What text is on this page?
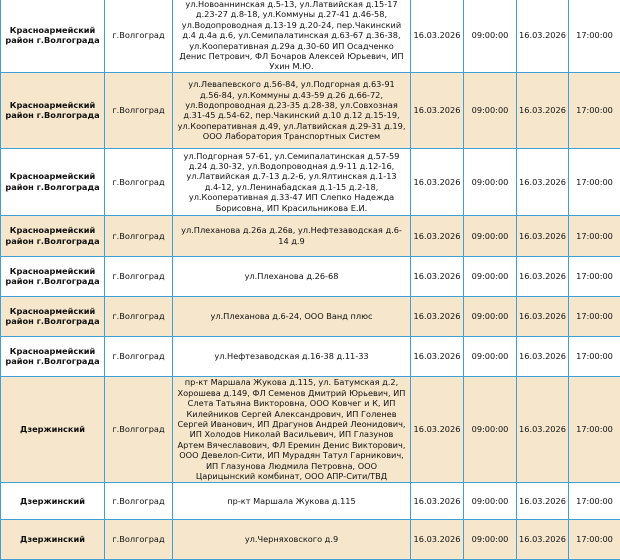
Красноармейский район г.Волгограда	г.Волгоград	ул.Новоаннинская д.5-13, ул.Латвийская д.15-17 д.23-27 д.8-18, ул.Коммуны д.27-41 д.46-58, ул.Водопроводная д.13-19 д.20-24, пер.Чакинский д.4 д.4а д.6, ул.Семипалатинская д.63-67 д.36-38, ул.Кооперативная д.29а д.30-60 ИП Осадченко Денис Петрович, ФЛ Бочаров Алексей Юрьевич, ИП Ухин М.Ю.	16.03.2026	09:00:00	16.03.2026	17:00:00
Красноармейский район г.Волгограда	г.Волгоград	ул.Левапевского д.56-84, ул.Подгорная д.63-91 д.56-84, ул.Коммуны д.43-59 д.26 д.66-72, ул.Водопроводная д.23-35 д.28-38, ул.Совхозная д.31-45 д.54-62, пер.Чакинский д.10 д.12 д.15-19, ул.Кооперативная д.49, ул.Латвийская д.29-31 д.19, ООО Лаборатория Транспортных Систем	16.03.2026	09:00:00	16.03.2026	17:00:00
Красноармейский район г.Волгограда	г.Волгоград	ул.Подгорная 57-61, ул.Семипалатинская д.57-59 д.24 д.30-32, ул.Водопроводная д.9-11 д.12-16, ул.Латвийская д.7-13 д.2-6, ул.Ялтинская д.1-13 д.4-12, ул.Ленинабадская д.1-15 д.2-18, ул.Кооперативная д.33-47 ИП Слепко Надежда Борисовна, ИП Красильникова Е.И.	16.03.2026	09:00:00	16.03.2026	17:00:00
Красноармейский район г.Волгограда	г.Волгоград	ул.Плеханова д.26а д.26в, ул.Нефтезаводская д.6-14 д.9	16.03.2026	09:00:00	16.03.2026	17:00:00
Красноармейский район г.Волгограда	г.Волгоград	ул.Плеханова д.26-68	16.03.2026	09:00:00	16.03.2026	17:00:00
Красноармейский район г.Волгограда	г.Волгоград	ул.Плеханова д.6-24, ООО Ванд плюс	16.03.2026	09:00:00	16.03.2026	17:00:00
Красноармейский район г.Волгограда	г.Волгоград	ул.Нефтезаводская д.16-38 д.11-33	16.03.2026	09:00:00	16.03.2026	17:00:00
Дзержинский	г.Волгоград	пр-кт Маршала Жукова д.115, ул. Батумская д.2, Хорошева д.149, ФЛ Семенов Дмитрий Юрьевич, ИП Слета Татьяна Викторовна, ООО Ковчег и К, ИП Килейников Сергей Александрович, ИП Голенев Сергей Иванович, ИП Драгунов Андрей Леонидович, ИП Холодов Николай Васильевич, ИП Глазунов Артем Вячеславович, ФЛ Еремин Денис Викторович, ООО Девелоп-Сити, ИП Мурадян Татул Гарникович, ИП Глазунова Людмила Петровна, ООО Царицынский комбинат, ООО АПР-Сити/ТВД	16.03.2026	09:00:00	16.03.2026	17:00:00
Дзержинский	г.Волгоград	пр-кт Маршала Жукова д.115	16.03.2026	09:00:00	16.03.2026	17:00:00
Дзержинский	г.Волгоград	ул.Черняховского д.9	16.03.2026	09:00:00	16.03.2026	17:00:00
